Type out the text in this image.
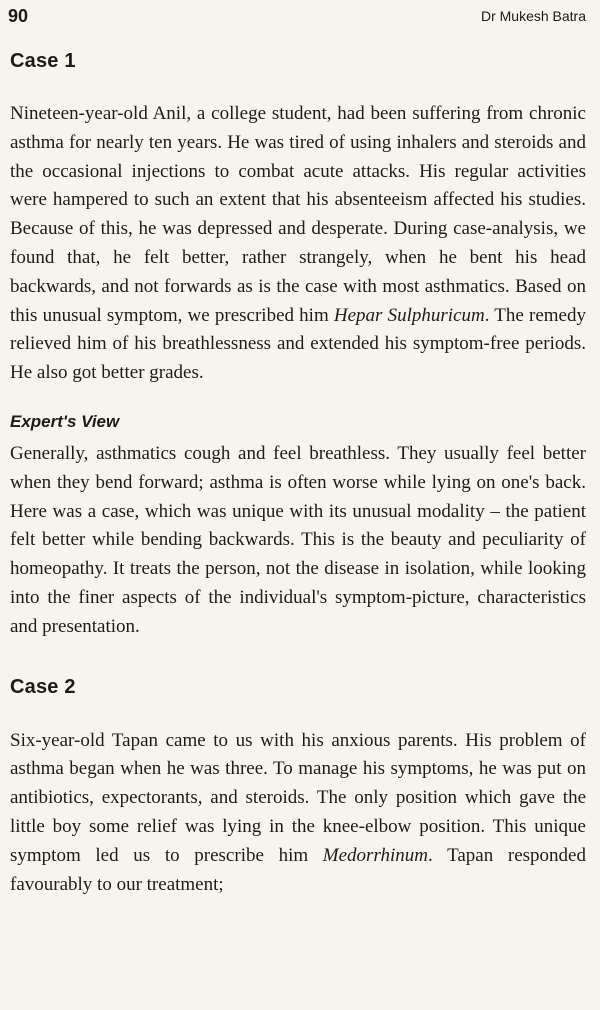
90	Dr Mukesh Batra
Case 1

Nineteen-year-old Anil, a college student, had been suffering from chronic asthma for nearly ten years. He was tired of using inhalers and steroids and the occasional injections to combat acute attacks. His regular activities were hampered to such an extent that his absenteeism affected his studies. Because of this, he was depressed and desperate. During case-analysis, we found that, he felt better, rather strangely, when he bent his head backwards, and not forwards as is the case with most asthmatics. Based on this unusual symptom, we prescribed him Hepar Sulphuricum. The remedy relieved him of his breathlessness and extended his symptom-free periods. He also got better grades.

Expert's View

Generally, asthmatics cough and feel breathless. They usually feel better when they bend forward; asthma is often worse while lying on one's back. Here was a case, which was unique with its unusual modality – the patient felt better while bending backwards. This is the beauty and peculiarity of homeopathy. It treats the person, not the disease in isolation, while looking into the finer aspects of the individual's symptom-picture, characteristics and presentation.

Case 2

Six-year-old Tapan came to us with his anxious parents. His problem of asthma began when he was three. To manage his symptoms, he was put on antibiotics, expectorants, and steroids. The only position which gave the little boy some relief was lying in the knee-elbow position. This unique symptom led us to prescribe him Medorrhinum. Tapan responded favourably to our treatment;
